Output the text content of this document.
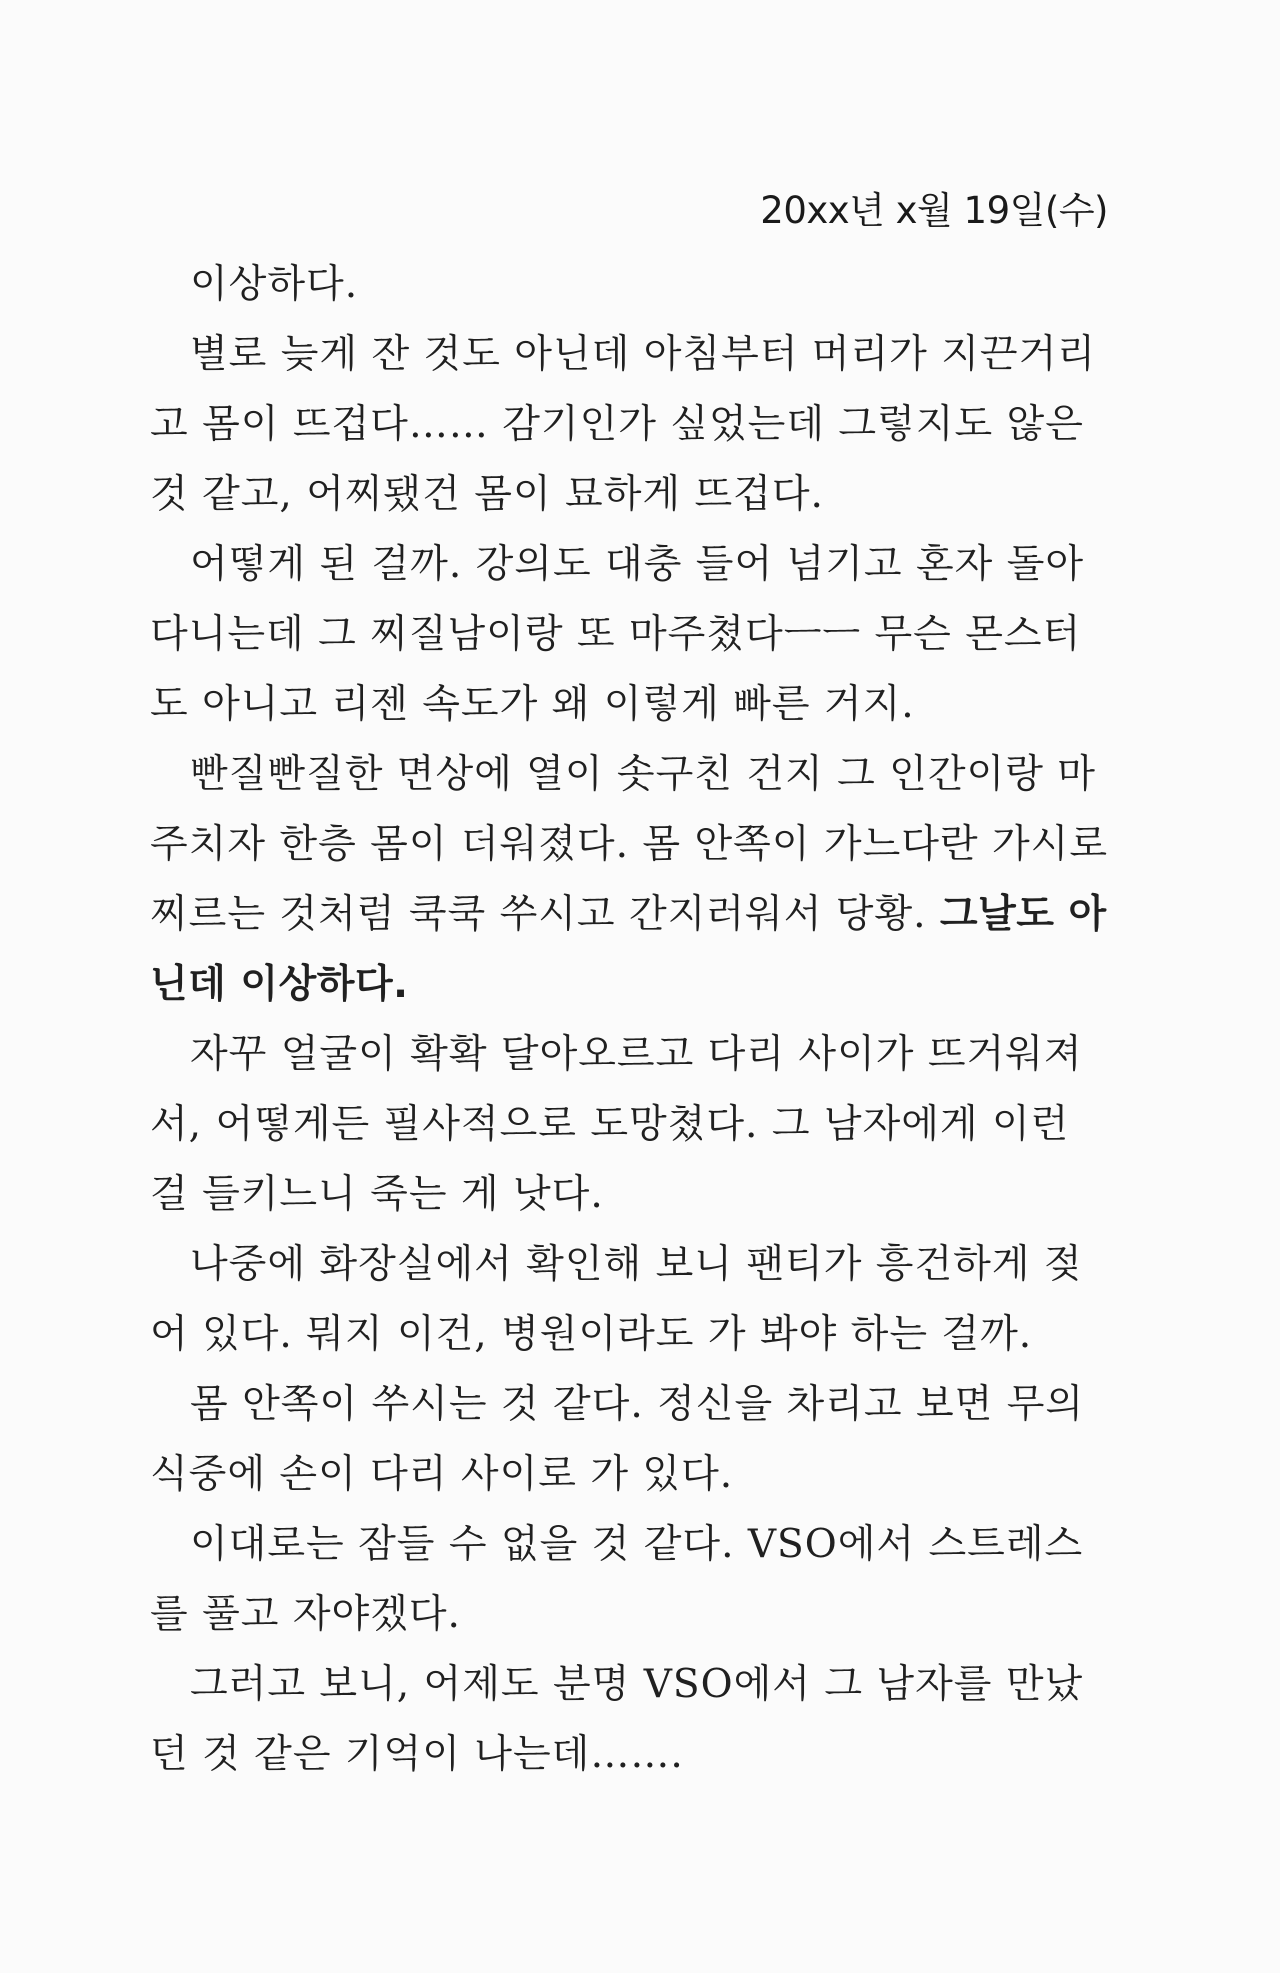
20xx년 x월 19일(수)

이상하다.

별로 늦게 잔 것도 아닌데 아침부터 머리가 지끈거리고 몸이 뜨겁다…… 감기인가 싶었는데 그렇지도 않은 것 같고, 어찌됐건 몸이 묘하게 뜨겁다.

어떻게 된 걸까. 강의도 대충 들어 넘기고 혼자 돌아다니는데 그 찌질남이랑 또 마주쳤다ㅡㅡ 무슨 몬스터도 아니고 리젠 속도가 왜 이렇게 빠른 거지.

빤질빤질한 면상에 열이 솟구친 건지 그 인간이랑 마주치자 한층 몸이 더워졌다. 몸 안쪽이 가느다란 가시로 찌르는 것처럼 쿡쿡 쑤시고 간지러워서 당황. 그날도 아닌데 이상하다.

자꾸 얼굴이 확확 달아오르고 다리 사이가 뜨거워져서, 어떻게든 필사적으로 도망쳤다. 그 남자에게 이런 걸 들키느니 죽는 게 낫다.

나중에 화장실에서 확인해 보니 팬티가 흥건하게 젖어 있다. 뭐지 이건, 병원이라도 가 봐야 하는 걸까.

몸 안쪽이 쑤시는 것 같다. 정신을 차리고 보면 무의식중에 손이 다리 사이로 가 있다.

이대로는 잠들 수 없을 것 같다. VSO에서 스트레스를 풀고 자야겠다.

그러고 보니, 어제도 분명 VSO에서 그 남자를 만났던 것 같은 기억이 나는데…….
